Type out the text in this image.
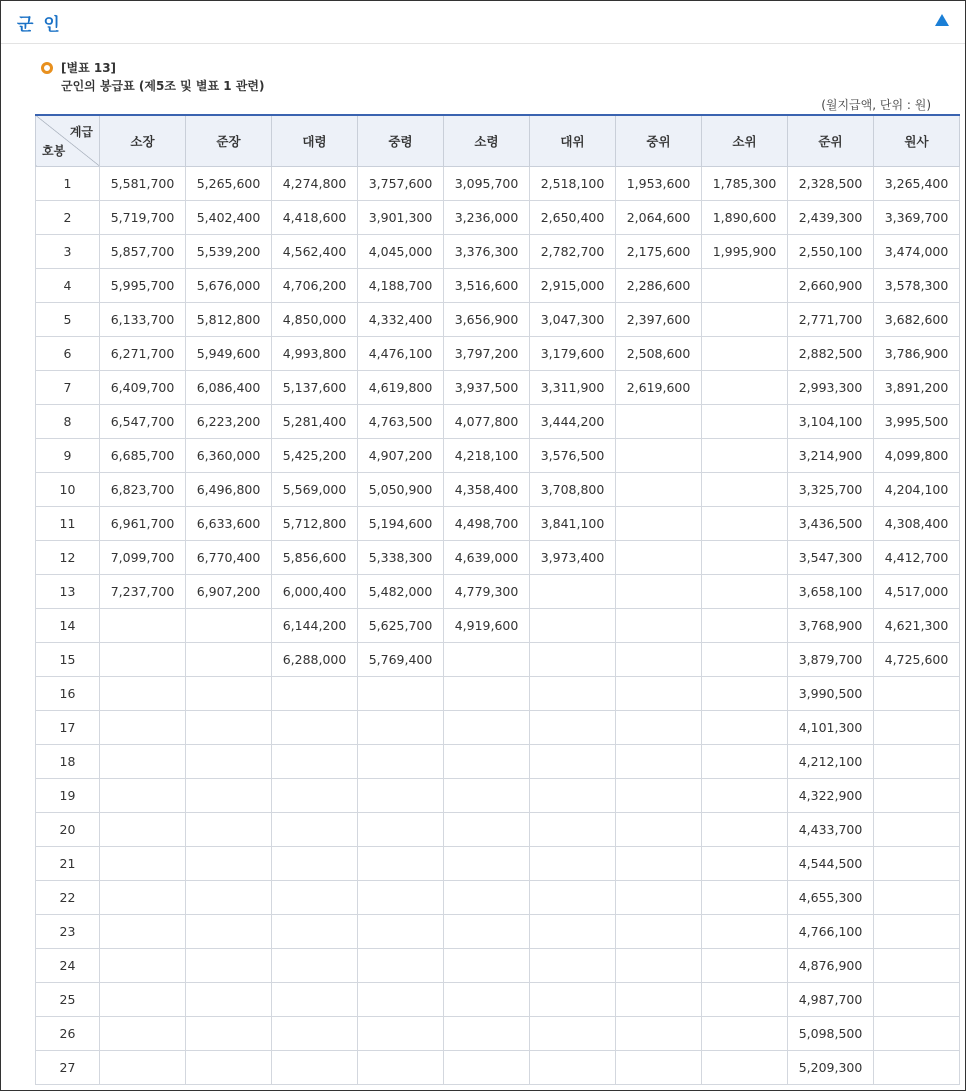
군 인
[별표 13]
군인의 봉급표 (제5조 및 별표 1 관련)
(월지급액, 단위 : 원)
계급
호봉	소장	준장	대령	중령	소령	대위	중위	소위	준위	원사
1	5,581,700	5,265,600	4,274,800	3,757,600	3,095,700	2,518,100	1,953,600	1,785,300	2,328,500	3,265,400
2	5,719,700	5,402,400	4,418,600	3,901,300	3,236,000	2,650,400	2,064,600	1,890,600	2,439,300	3,369,700
3	5,857,700	5,539,200	4,562,400	4,045,000	3,376,300	2,782,700	2,175,600	1,995,900	2,550,100	3,474,000
4	5,995,700	5,676,000	4,706,200	4,188,700	3,516,600	2,915,000	2,286,600		2,660,900	3,578,300
5	6,133,700	5,812,800	4,850,000	4,332,400	3,656,900	3,047,300	2,397,600		2,771,700	3,682,600
6	6,271,700	5,949,600	4,993,800	4,476,100	3,797,200	3,179,600	2,508,600		2,882,500	3,786,900
7	6,409,700	6,086,400	5,137,600	4,619,800	3,937,500	3,311,900	2,619,600		2,993,300	3,891,200
8	6,547,700	6,223,200	5,281,400	4,763,500	4,077,800	3,444,200			3,104,100	3,995,500
9	6,685,700	6,360,000	5,425,200	4,907,200	4,218,100	3,576,500			3,214,900	4,099,800
10	6,823,700	6,496,800	5,569,000	5,050,900	4,358,400	3,708,800			3,325,700	4,204,100
11	6,961,700	6,633,600	5,712,800	5,194,600	4,498,700	3,841,100			3,436,500	4,308,400
12	7,099,700	6,770,400	5,856,600	5,338,300	4,639,000	3,973,400			3,547,300	4,412,700
13	7,237,700	6,907,200	6,000,400	5,482,000	4,779,300				3,658,100	4,517,000
14			6,144,200	5,625,700	4,919,600				3,768,900	4,621,300
15			6,288,000	5,769,400					3,879,700	4,725,600
16									3,990,500	
17									4,101,300	
18									4,212,100	
19									4,322,900	
20									4,433,700	
21									4,544,500	
22									4,655,300	
23									4,766,100	
24									4,876,900	
25									4,987,700	
26									5,098,500	
27									5,209,300	
